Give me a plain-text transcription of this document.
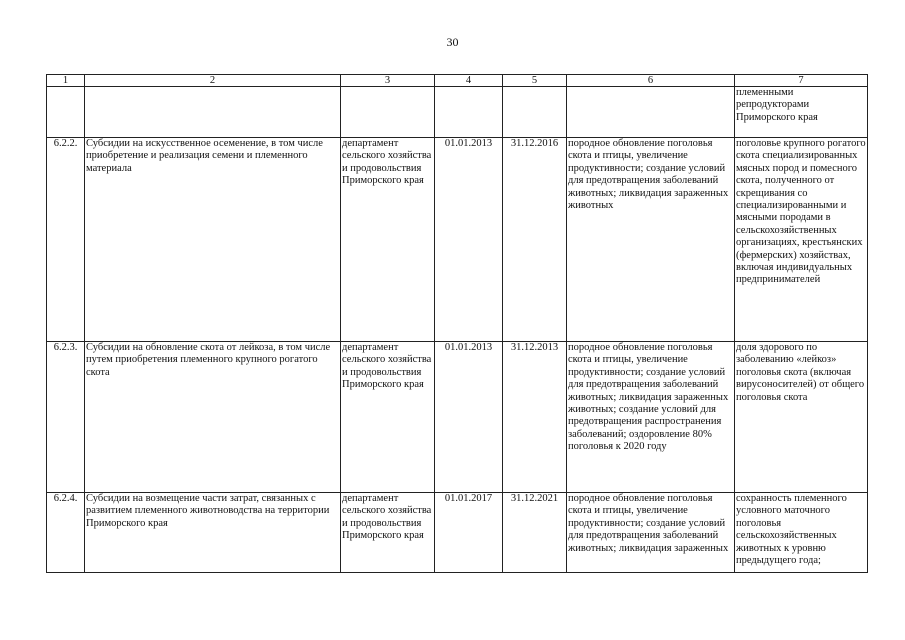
30
1	2	3	4	5	6	7
						племенными
репродукторами
Приморского края
6.2.2.	Субсидии на искусственное осеменение, в том числе приобретение и реализация семени и племенного материала	департамент сельского хозяйства и продовольствия Приморского края	01.01.2013	31.12.2016	породное обновление поголовья скота и птицы, увеличение продуктивности; создание условий для предотвращения заболеваний животных; ликвидация зараженных животных	поголовье крупного рогатого скота специализированных мясных пород и помесного скота, полученного от скрещивания со специализированными и мясными породами в сельскохозяйственных организациях, крестьянских (фермерских) хозяйствах, включая индивидуальных предпринимателей
6.2.3.	Субсидии на обновление скота от лейкоза, в том числе путем приобретения племенного крупного рогатого скота	департамент сельского хозяйства и продовольствия Приморского края	01.01.2013	31.12.2013	породное обновление поголовья скота и птицы, увеличение продуктивности; создание условий для предотвращения заболеваний животных; ликвидация зараженных животных; создание условий для предотвращения распространения заболеваний; оздоровление 80% поголовья к 2020 году	доля здорового по заболеванию «лейкоз» поголовья скота (включая вирусоносителей) от общего поголовья скота
6.2.4.	Субсидии на возмещение части затрат, связанных с развитием племенного животноводства на территории Приморского края	департамент сельского хозяйства и продовольствия Приморского края	01.01.2017	31.12.2021	породное обновление поголовья скота и птицы, увеличение продуктивности; создание условий для предотвращения заболеваний животных; ликвидация зараженных	сохранность племенного условного маточного поголовья сельскохозяйственных животных к уровню предыдущего года;
